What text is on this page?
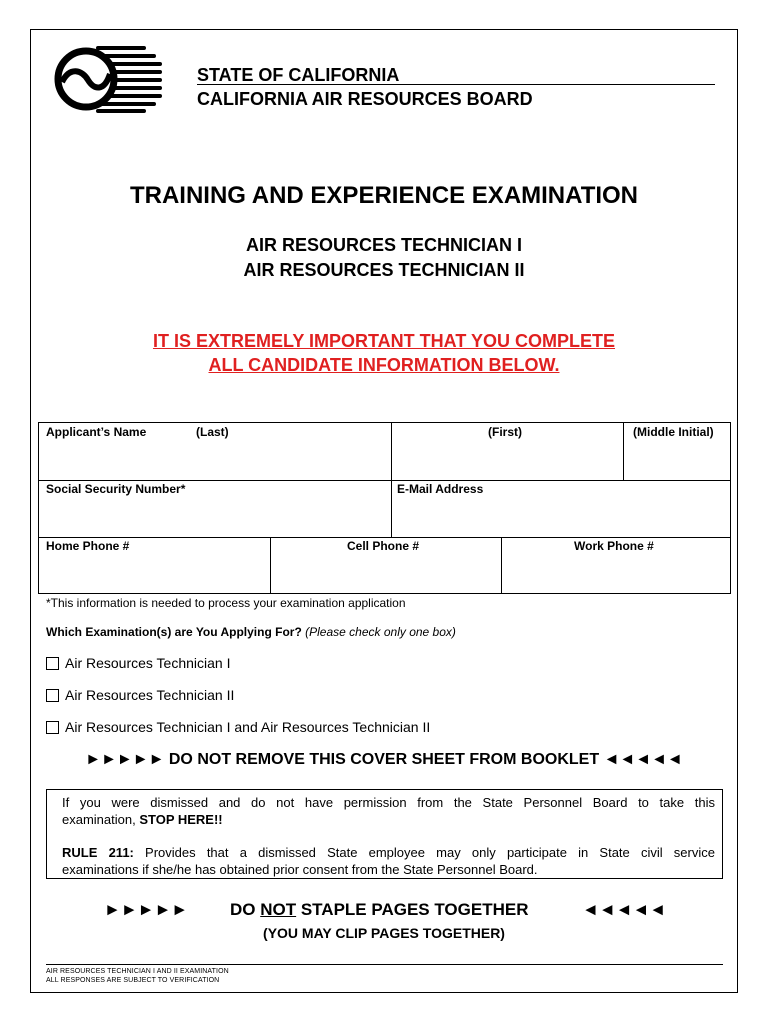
STATE OF CALIFORNIA
CALIFORNIA AIR RESOURCES BOARD
TRAINING AND EXPERIENCE EXAMINATION
AIR RESOURCES TECHNICIAN I
AIR RESOURCES TECHNICIAN II
IT IS EXTREMELY IMPORTANT THAT YOU COMPLETE
ALL CANDIDATE INFORMATION BELOW.
Applicant’s Name	(Last)	(First)	(Middle Initial)
Social Security Number*	E-Mail Address
Home Phone #	Cell Phone #	Work Phone #
*This information is needed to process your examination application
Which Examination(s) are You Applying For? (Please check only one box)
Air Resources Technician I
Air Resources Technician II
Air Resources Technician I and Air Resources Technician II
►►►►► DO NOT REMOVE THIS COVER SHEET FROM BOOKLET ◄◄◄◄◄
If you were dismissed and do not have permission from the State Personnel Board to take this
examination, STOP HERE!!
RULE 211: Provides that a dismissed State employee may only participate in State civil service
examinations if she/he has obtained prior consent from the State Personnel Board.
►►►►► DO NOT STAPLE PAGES TOGETHER	◄◄◄◄◄
(YOU MAY CLIP PAGES TOGETHER)
AIR RESOURCES TECHNICIAN I AND II EXAMINATION
ALL RESPONSES ARE SUBJECT TO VERIFICATION
